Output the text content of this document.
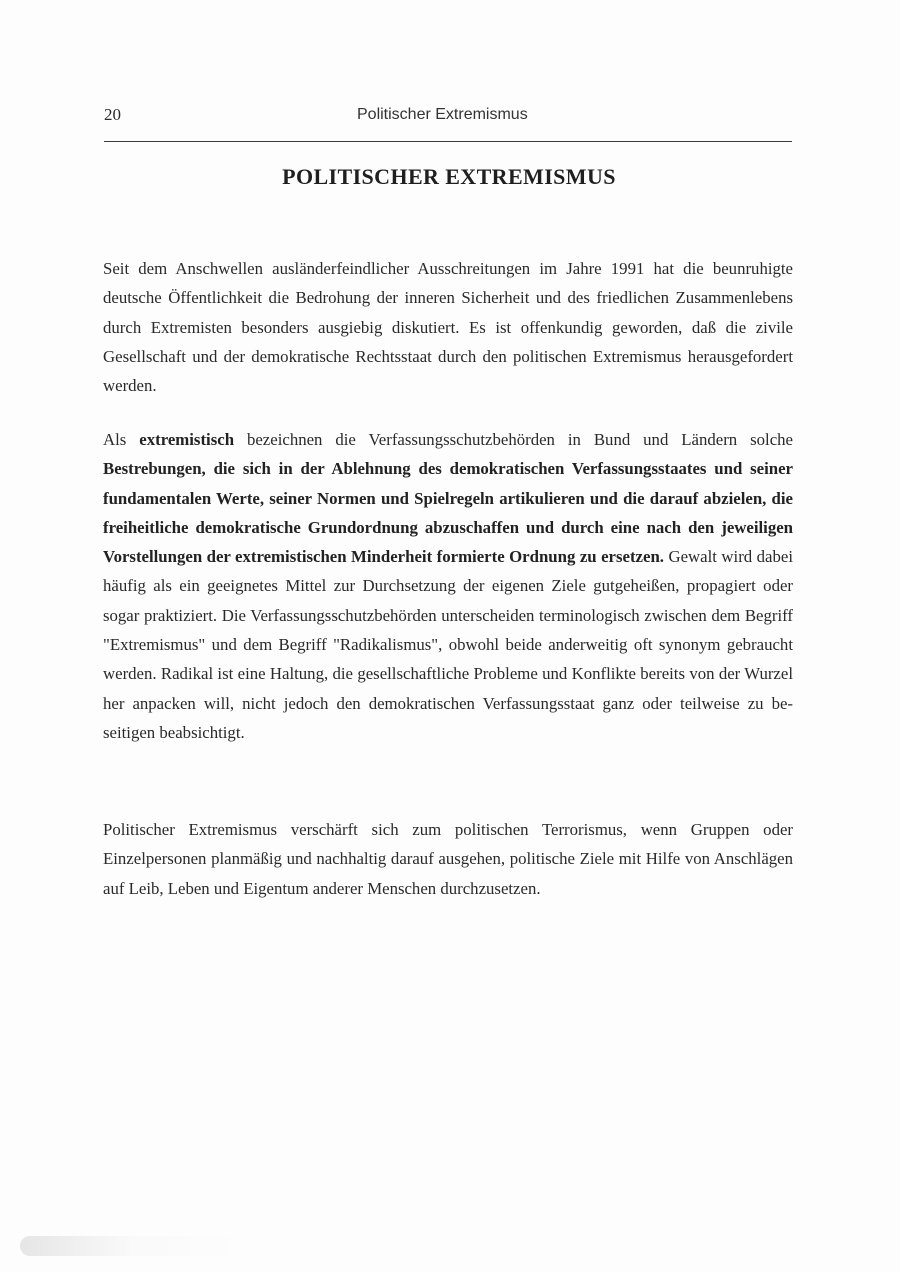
20	Politischer Extremismus
POLITISCHER EXTREMISMUS

Seit dem Anschwellen ausländerfeindlicher Ausschreitungen im Jahre 1991 hat die beunruhigte deutsche Öffentlichkeit die Bedrohung der inneren Sicherheit und des friedlichen Zusammenlebens durch Extremisten besonders ausgiebig diskutiert. Es ist offenkundig geworden, daß die zivile Gesellschaft und der demokratische Rechtsstaat durch den politischen Extremismus herausgefordert werden.

Als extremistisch bezeichnen die Verfassungsschutzbehörden in Bund und Ländern solche Bestrebungen, die sich in der Ablehnung des demokratischen Verfassungsstaates und seiner fundamentalen Werte, seiner Normen und Spielregeln artikulieren und die darauf abzielen, die freiheitliche demokratische Grundordnung abzuschaffen und durch eine nach den jeweiligen Vorstellungen der extremistischen Minderheit formierte Ordnung zu ersetzen. Gewalt wird dabei häufig als ein geeignetes Mittel zur Durchsetzung der eigenen Ziele gutgeheißen, propagiert oder sogar praktiziert. Die Verfassungsschutzbehörden unterscheiden terminologisch zwischen dem Begriff "Extremismus" und dem Begriff "Radikalismus", obwohl beide anderweitig oft synonym gebraucht werden. Radikal ist eine Haltung, die gesellschaftliche Probleme und Konflikte bereits von der Wurzel her anpacken will, nicht jedoch den demokratischen Verfassungsstaat ganz oder teilweise zu beseitigen beabsichtigt.

Politischer Extremismus verschärft sich zum politischen Terrorismus, wenn Gruppen oder Einzelpersonen planmäßig und nachhaltig darauf ausgehen, politische Ziele mit Hilfe von Anschlägen auf Leib, Leben und Eigentum anderer Menschen durchzusetzen.
